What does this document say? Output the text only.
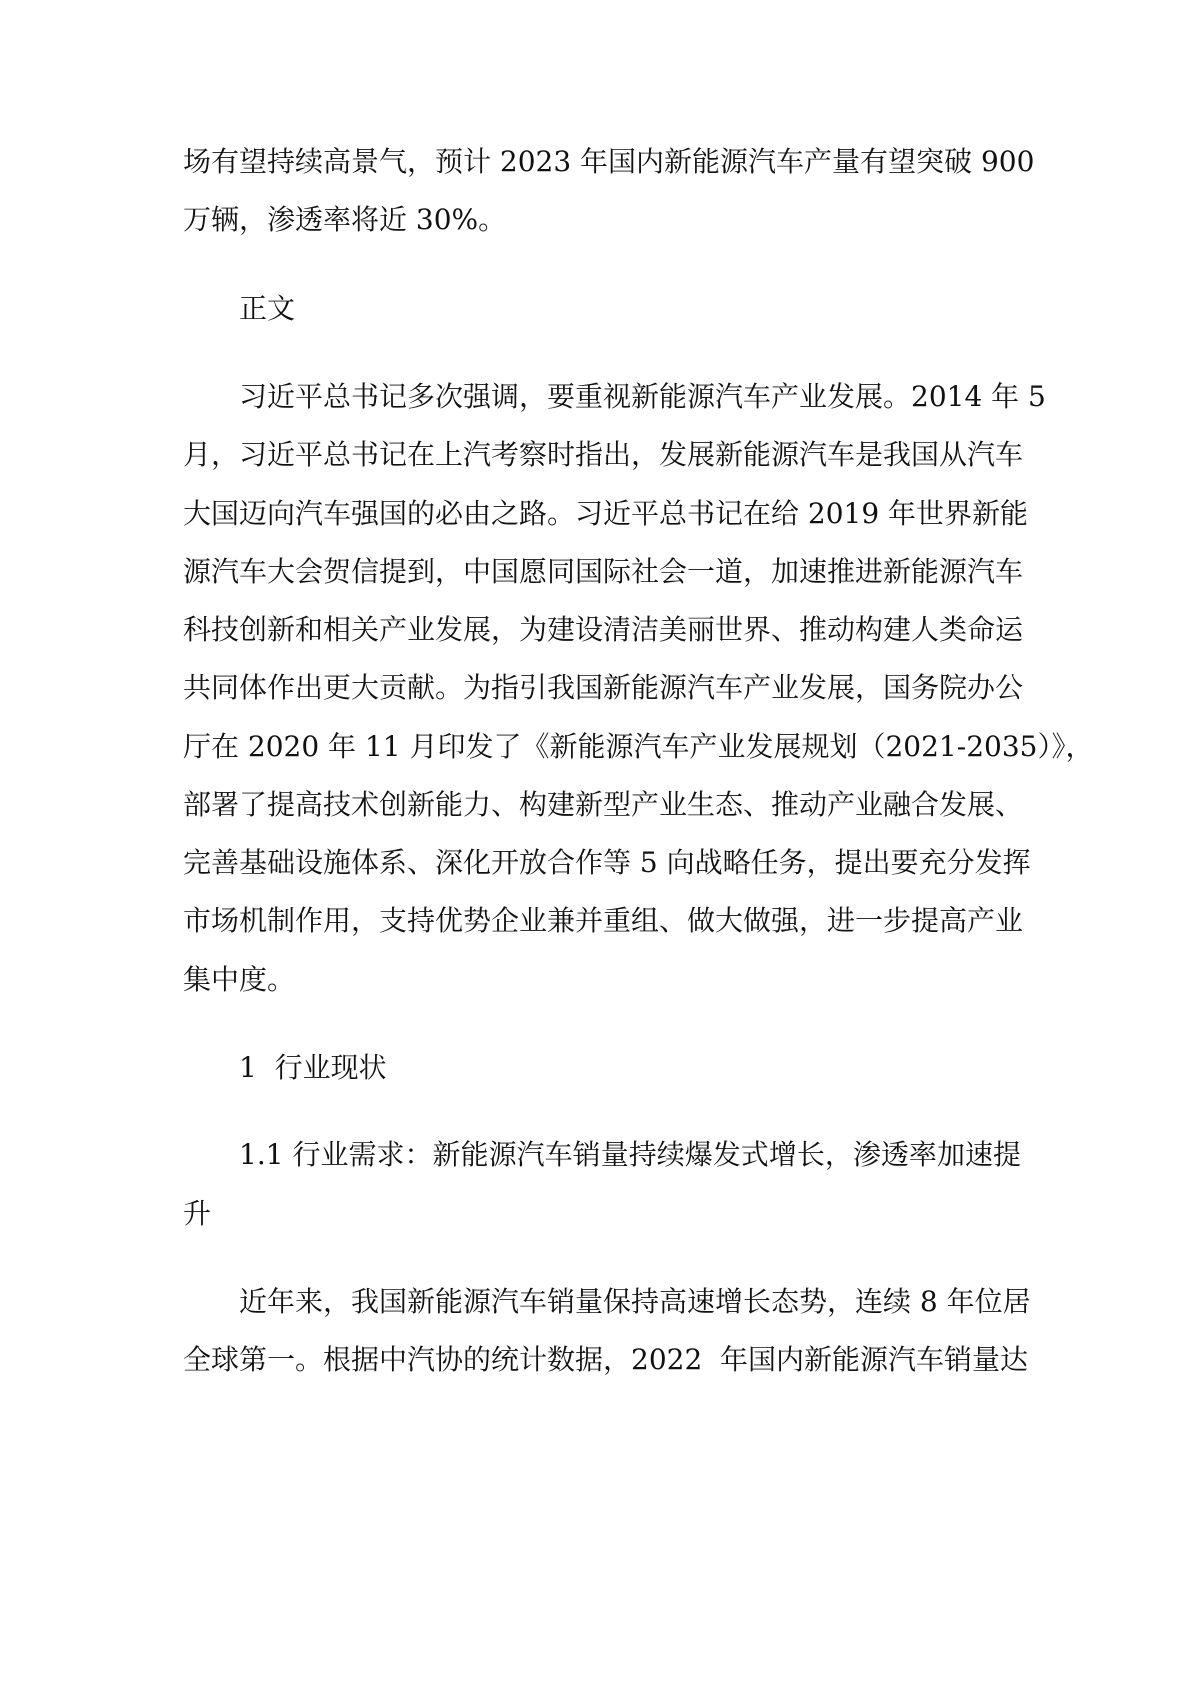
场有望持续高景气，预计 2023 年国内新能源汽车产量有望突破 900
万辆，渗透率将近 30%。
正文
习近平总书记多次强调，要重视新能源汽车产业发展。2014 年 5
月，习近平总书记在上汽考察时指出，发展新能源汽车是我国从汽车
大国迈向汽车强国的必由之路。习近平总书记在给 2019 年世界新能
源汽车大会贺信提到，中国愿同国际社会一道，加速推进新能源汽车
科技创新和相关产业发展，为建设清洁美丽世界、推动构建人类命运
共同体作出更大贡献。为指引我国新能源汽车产业发展，国务院办公
厅在 2020 年 11 月印发了《新能源汽车产业发展规划（2021-2035）》，
部署了提高技术创新能力、构建新型产业生态、推动产业融合发展、
完善基础设施体系、深化开放合作等 5 向战略任务，提出要充分发挥
市场机制作用，支持优势企业兼并重组、做大做强，进一步提高产业
集中度。
1  行业现状
1.1 行业需求：新能源汽车销量持续爆发式增长，渗透率加速提
升
近年来，我国新能源汽车销量保持高速增长态势，连续 8 年位居
全球第一。根据中汽协的统计数据，2022  年国内新能源汽车销量达
